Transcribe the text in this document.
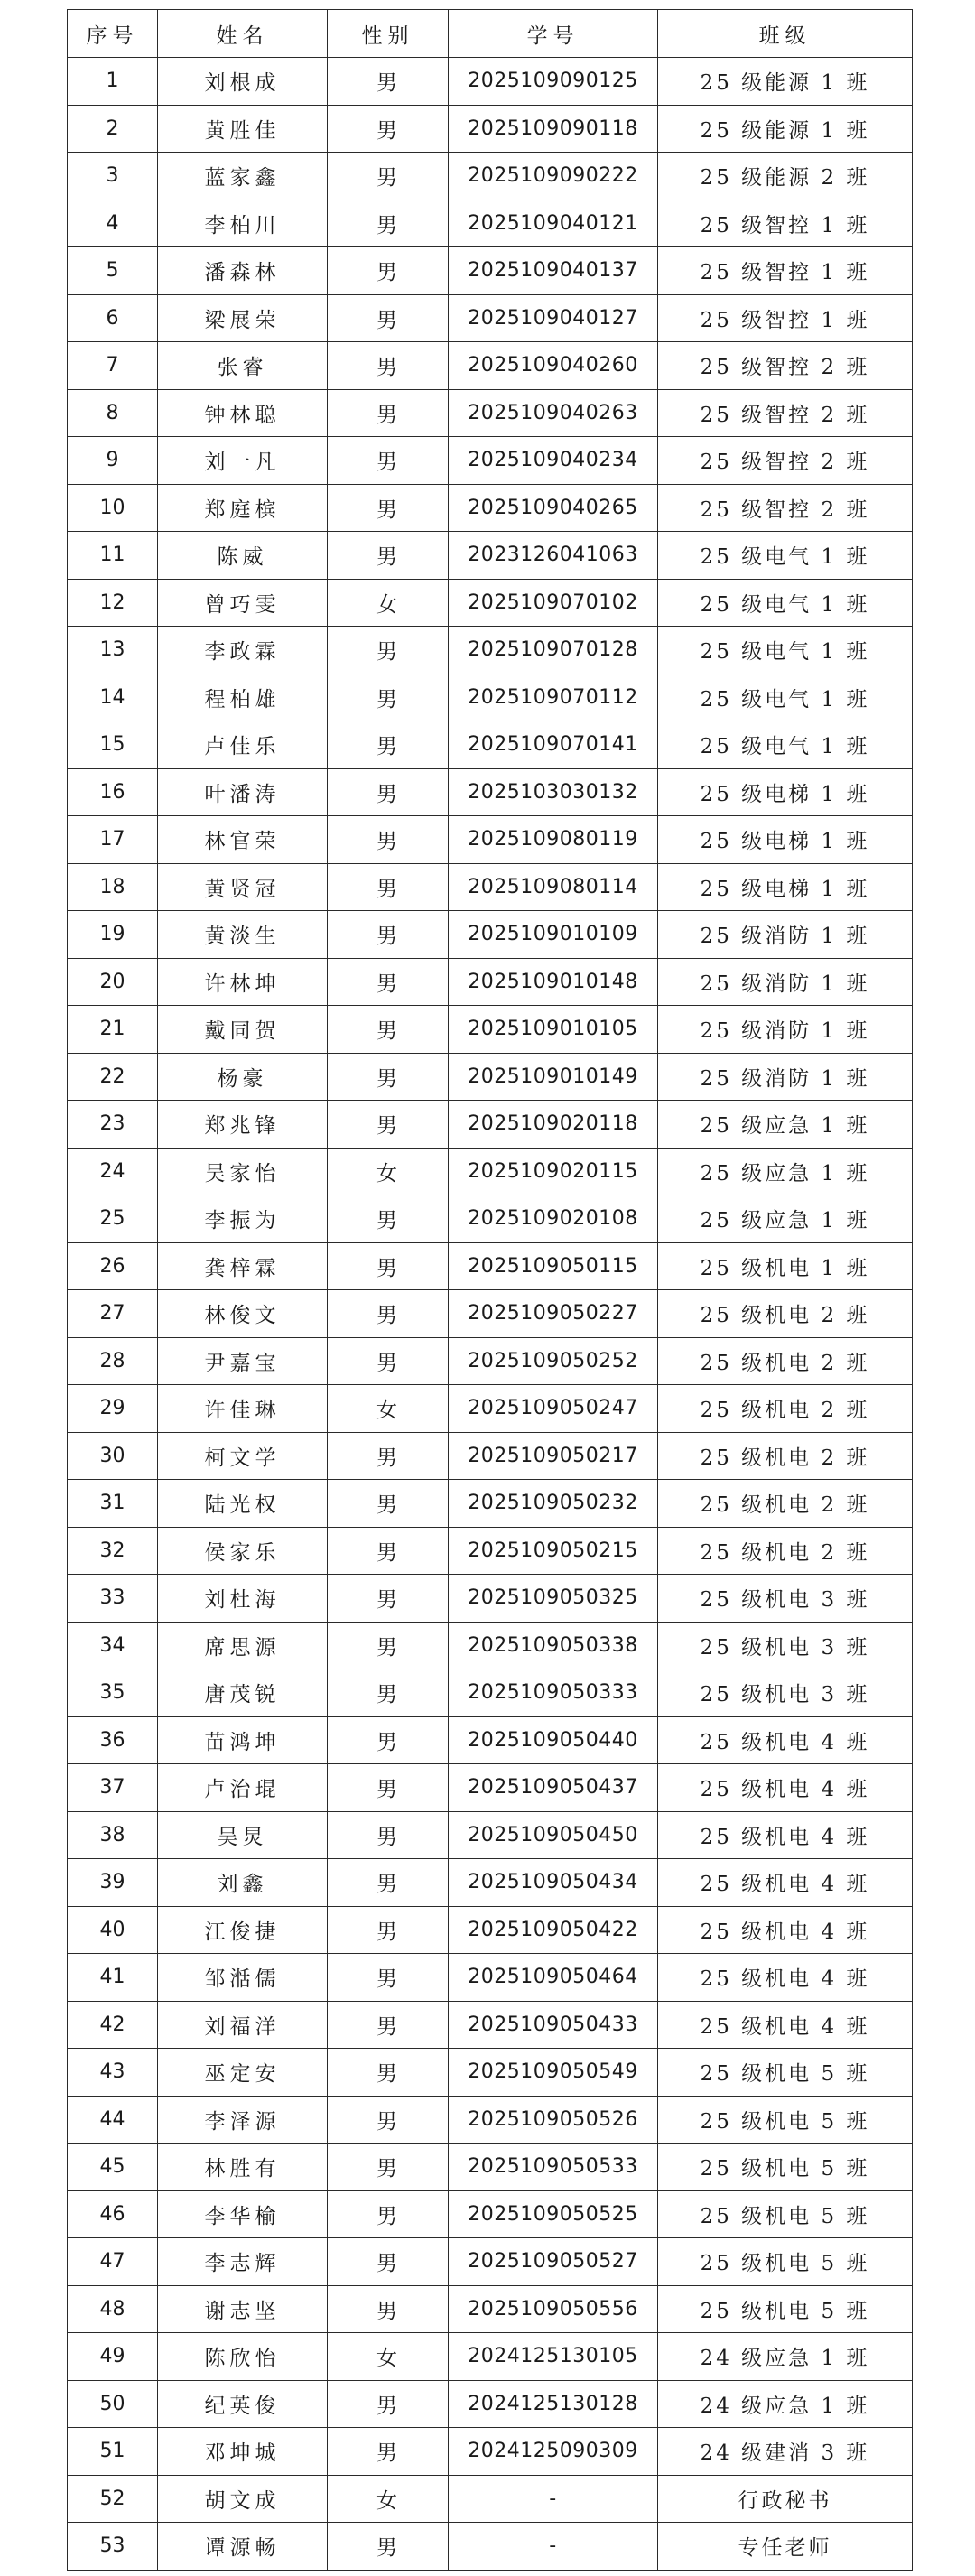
序号	姓名	性别	学号	班级
1	刘根成	男	2025109090125	25 级能源 1 班
2	黄胜佳	男	2025109090118	25 级能源 1 班
3	蓝家鑫	男	2025109090222	25 级能源 2 班
4	李柏川	男	2025109040121	25 级智控 1 班
5	潘森林	男	2025109040137	25 级智控 1 班
6	梁展荣	男	2025109040127	25 级智控 1 班
7	张睿	男	2025109040260	25 级智控 2 班
8	钟林聪	男	2025109040263	25 级智控 2 班
9	刘一凡	男	2025109040234	25 级智控 2 班
10	郑庭槟	男	2025109040265	25 级智控 2 班
11	陈威	男	2023126041063	25 级电气 1 班
12	曾巧雯	女	2025109070102	25 级电气 1 班
13	李政霖	男	2025109070128	25 级电气 1 班
14	程柏雄	男	2025109070112	25 级电气 1 班
15	卢佳乐	男	2025109070141	25 级电气 1 班
16	叶潘涛	男	2025103030132	25 级电梯 1 班
17	林官荣	男	2025109080119	25 级电梯 1 班
18	黄贤冠	男	2025109080114	25 级电梯 1 班
19	黄淡生	男	2025109010109	25 级消防 1 班
20	许林坤	男	2025109010148	25 级消防 1 班
21	戴同贺	男	2025109010105	25 级消防 1 班
22	杨豪	男	2025109010149	25 级消防 1 班
23	郑兆锋	男	2025109020118	25 级应急 1 班
24	吴家怡	女	2025109020115	25 级应急 1 班
25	李振为	男	2025109020108	25 级应急 1 班
26	龚梓霖	男	2025109050115	25 级机电 1 班
27	林俊文	男	2025109050227	25 级机电 2 班
28	尹嘉宝	男	2025109050252	25 级机电 2 班
29	许佳琳	女	2025109050247	25 级机电 2 班
30	柯文学	男	2025109050217	25 级机电 2 班
31	陆光权	男	2025109050232	25 级机电 2 班
32	侯家乐	男	2025109050215	25 级机电 2 班
33	刘杜海	男	2025109050325	25 级机电 3 班
34	席思源	男	2025109050338	25 级机电 3 班
35	唐茂锐	男	2025109050333	25 级机电 3 班
36	苗鸿坤	男	2025109050440	25 级机电 4 班
37	卢治琨	男	2025109050437	25 级机电 4 班
38	吴炅	男	2025109050450	25 级机电 4 班
39	刘鑫	男	2025109050434	25 级机电 4 班
40	江俊捷	男	2025109050422	25 级机电 4 班
41	邹湉儒	男	2025109050464	25 级机电 4 班
42	刘福洋	男	2025109050433	25 级机电 4 班
43	巫定安	男	2025109050549	25 级机电 5 班
44	李泽源	男	2025109050526	25 级机电 5 班
45	林胜有	男	2025109050533	25 级机电 5 班
46	李华榆	男	2025109050525	25 级机电 5 班
47	李志辉	男	2025109050527	25 级机电 5 班
48	谢志坚	男	2025109050556	25 级机电 5 班
49	陈欣怡	女	2024125130105	24 级应急 1 班
50	纪英俊	男	2024125130128	24 级应急 1 班
51	邓坤城	男	2024125090309	24 级建消 3 班
52	胡文成	女	-	行政秘书
53	谭源畅	男	-	专任老师
